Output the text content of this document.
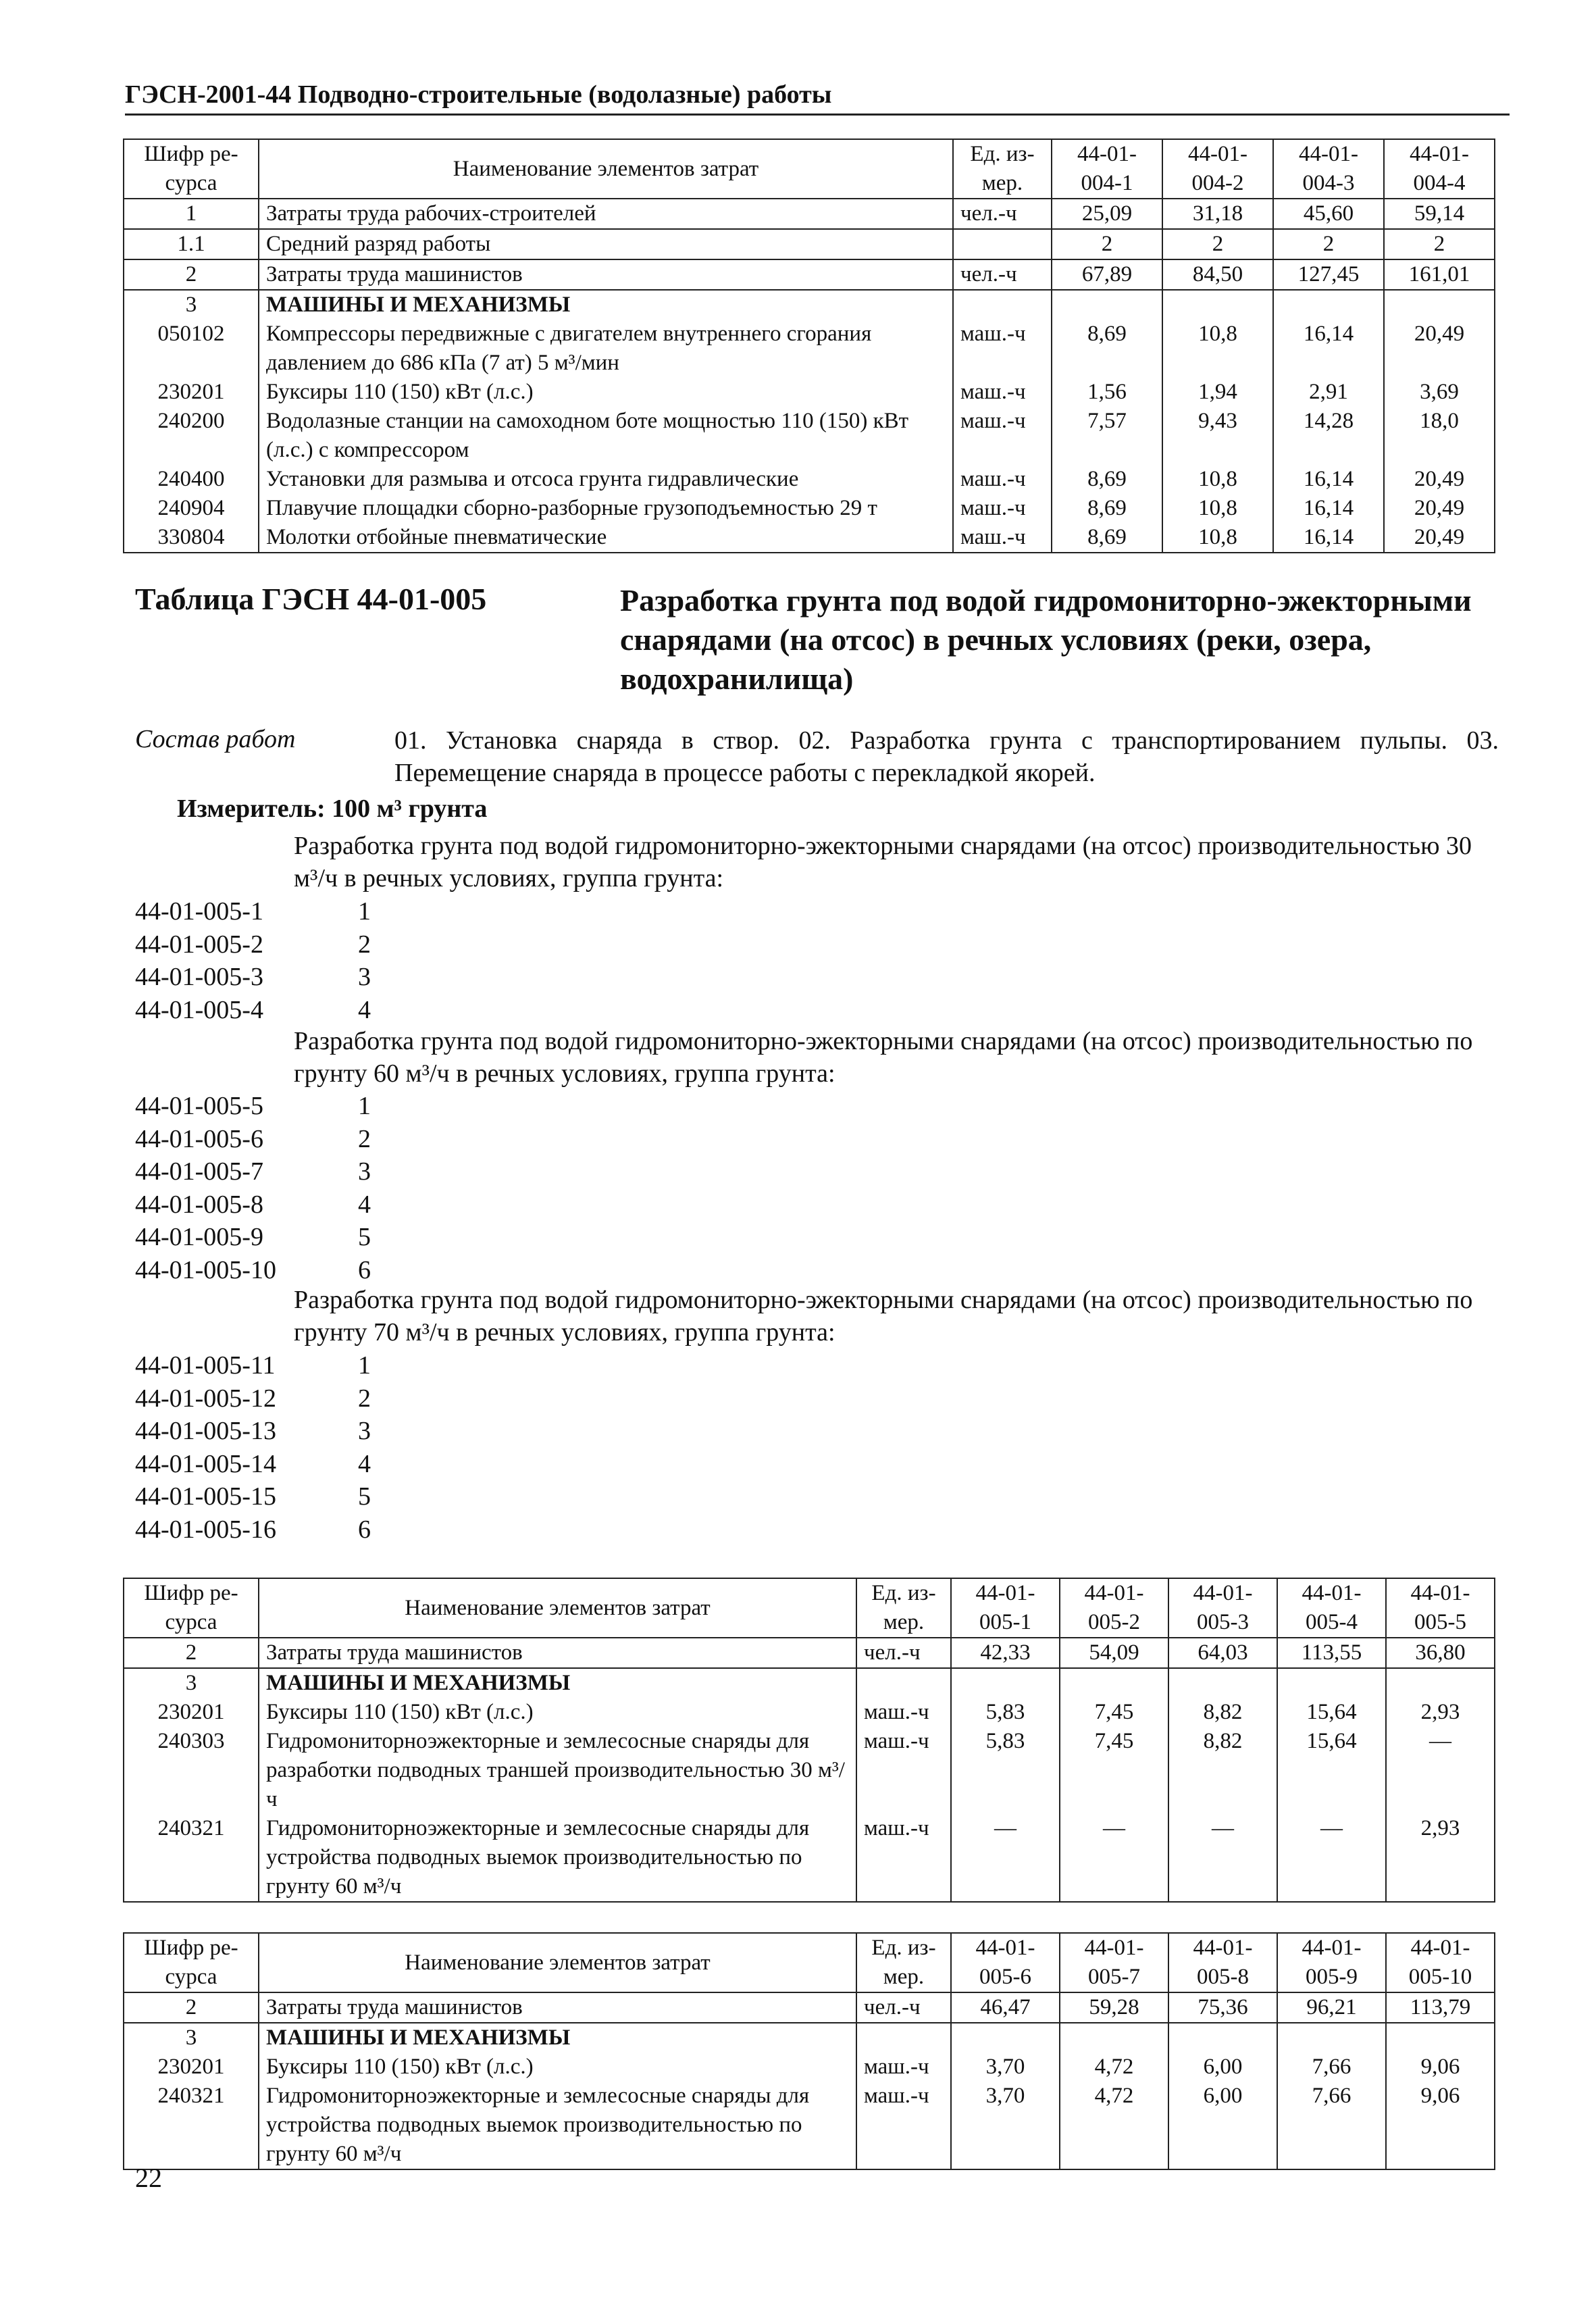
ГЭСН-2001-44 Подводно-строительные (водолазные) работы
Шифр ре-сурса	Наименование элементов затрат	Ед. из-мер.	44-01-004-1	44-01-004-2	44-01-004-3	44-01-004-4
1	Затраты труда рабочих-строителей	чел.-ч	25,09	31,18	45,60	59,14
1.1	Средний разряд работы		2	2	2	2
2	Затраты труда машинистов	чел.-ч	67,89	84,50	127,45	161,01
3	МАШИНЫ И МЕХАНИЗМЫ					
050102	Компрессоры передвижные с двигателем внутреннего сгорания давлением до 686 кПа (7 ат) 5 м³/мин	маш.-ч	8,69	10,8	16,14	20,49
230201	Буксиры 110 (150) кВт (л.с.)	маш.-ч	1,56	1,94	2,91	3,69
240200	Водолазные станции на самоходном боте мощностью 110 (150) кВт (л.с.) с компрессором	маш.-ч	7,57	9,43	14,28	18,0
240400	Установки для размыва и отсоса грунта гидравлические	маш.-ч	8,69	10,8	16,14	20,49
240904	Плавучие площадки сборно-разборные грузоподъемностью 29 т	маш.-ч	8,69	10,8	16,14	20,49
330804	Молотки отбойные пневматические	маш.-ч	8,69	10,8	16,14	20,49
Таблица ГЭСН 44-01-005	Разработка грунта под водой гидромониторно-эжекторными снарядами (на отсос) в речных условиях (реки, озера, водохранилища)
Состав работ	01. Установка снаряда в створ. 02. Разработка грунта с транспортированием пульпы. 03. Перемещение снаряда в процессе работы с перекладкой якорей.
Измеритель: 100 м³ грунта
Разработка грунта под водой гидромониторно-эжекторными снарядами (на отсос) производительностью 30 м³/ч в речных условиях, группа грунта:
44-01-005-1	1
44-01-005-2	2
44-01-005-3	3
44-01-005-4	4
Разработка грунта под водой гидромониторно-эжекторными снарядами (на отсос) производительностью по грунту 60 м³/ч в речных условиях, группа грунта:
44-01-005-5	1
44-01-005-6	2
44-01-005-7	3
44-01-005-8	4
44-01-005-9	5
44-01-005-10	6
Разработка грунта под водой гидромониторно-эжекторными снарядами (на отсос) производительностью по грунту 70 м³/ч в речных условиях, группа грунта:
44-01-005-11	1
44-01-005-12	2
44-01-005-13	3
44-01-005-14	4
44-01-005-15	5
44-01-005-16	6
Шифр ре-сурса	Наименование элементов затрат	Ед. из-мер.	44-01-005-1	44-01-005-2	44-01-005-3	44-01-005-4	44-01-005-5
2	Затраты труда машинистов	чел.-ч	42,33	54,09	64,03	113,55	36,80
3	МАШИНЫ И МЕХАНИЗМЫ						
230201	Буксиры 110 (150) кВт (л.с.)	маш.-ч	5,83	7,45	8,82	15,64	2,93
240303	Гидромониторноэжекторные и землесосные снаряды для разработки подводных траншей производительностью 30 м³/ч	маш.-ч	5,83	7,45	8,82	15,64	—
240321	Гидромониторноэжекторные и землесосные снаряды для устройства подводных выемок производительностью по грунту 60 м³/ч	маш.-ч	—	—	—	—	2,93
Шифр ре-сурса	Наименование элементов затрат	Ед. из-мер.	44-01-005-6	44-01-005-7	44-01-005-8	44-01-005-9	44-01-005-10
2	Затраты труда машинистов	чел.-ч	46,47	59,28	75,36	96,21	113,79
3	МАШИНЫ И МЕХАНИЗМЫ						
230201	Буксиры 110 (150) кВт (л.с.)	маш.-ч	3,70	4,72	6,00	7,66	9,06
240321	Гидромониторноэжекторные и землесосные снаряды для устройства подводных выемок производительностью по грунту 60 м³/ч	маш.-ч	3,70	4,72	6,00	7,66	9,06
22
